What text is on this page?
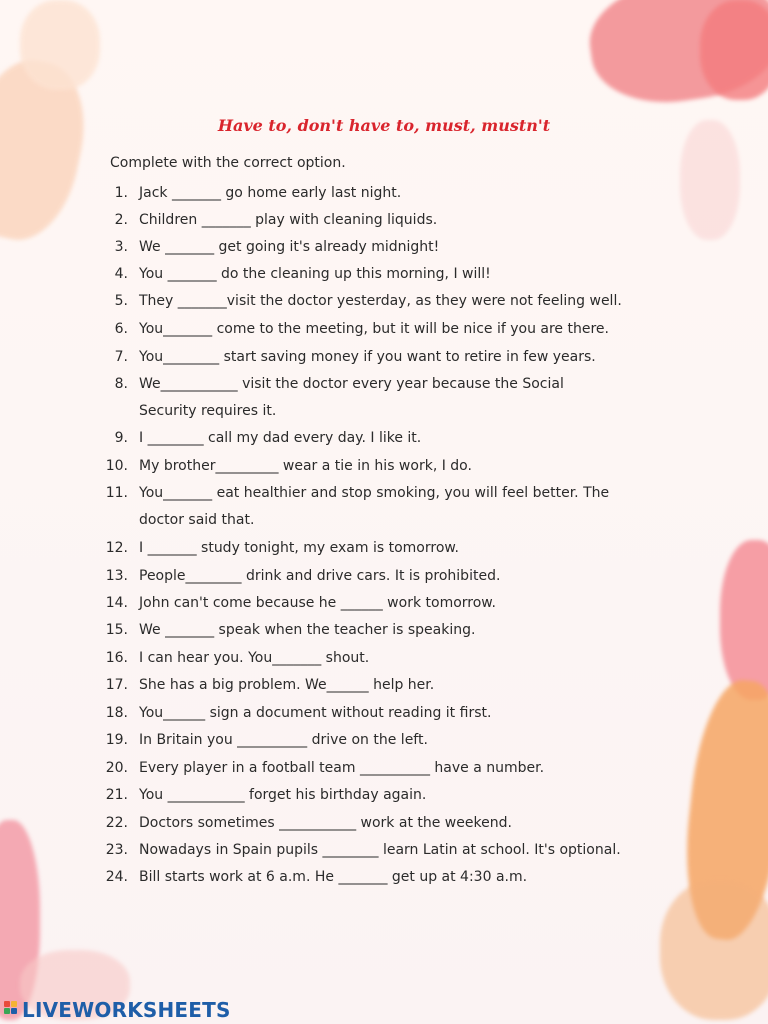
Have to, don't have to, must, mustn't
Complete with the correct option.
1. Jack _______ go home early last night.
2. Children _______ play with cleaning liquids.
3. We _______ get going it's already midnight!
4. You _______ do the cleaning up this morning, I will!
5. They _______visit the doctor yesterday, as they were not feeling well.
6. You_______ come to the meeting, but it will be nice if you are there.
7. You________ start saving money if you want to retire in few years.
8. We___________ visit the doctor every year because the Social
Security requires it.
9. I ________ call my dad every day. I like it.
10. My brother_________ wear a tie in his work, I do.
11. You_______ eat healthier and stop smoking, you will feel better. The
doctor said that.
12. I _______ study tonight, my exam is tomorrow.
13. People________ drink and drive cars. It is prohibited.
14. John can't come because he ______ work tomorrow.
15. We _______ speak when the teacher is speaking.
16. I can hear you. You_______ shout.
17. She has a big problem. We______ help her.
18. You______ sign a document without reading it first.
19. In Britain you __________ drive on the left.
20. Every player in a football team __________ have a number.
21. You ___________ forget his birthday again.
22. Doctors sometimes ___________ work at the weekend.
23. Nowadays in Spain pupils ________ learn Latin at school. It's optional.
24. Bill starts work at 6 a.m. He _______ get up at 4:30 a.m.
LIVEWORKSHEETS
